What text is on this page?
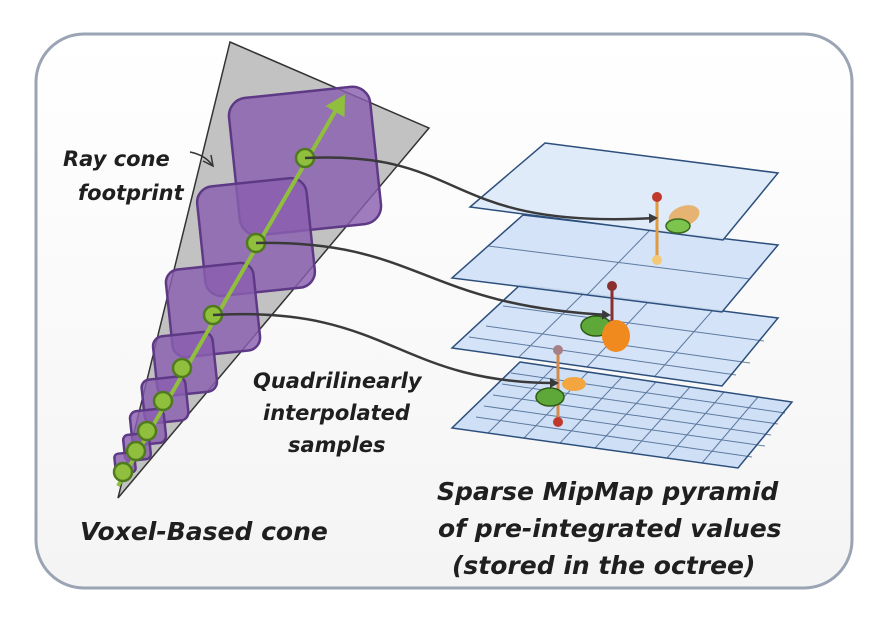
Ray cone
footprint
Quadrilinearly
interpolated
samples
Voxel-Based cone
Sparse MipMap pyramid
of pre-integrated values
(stored in the octree)
